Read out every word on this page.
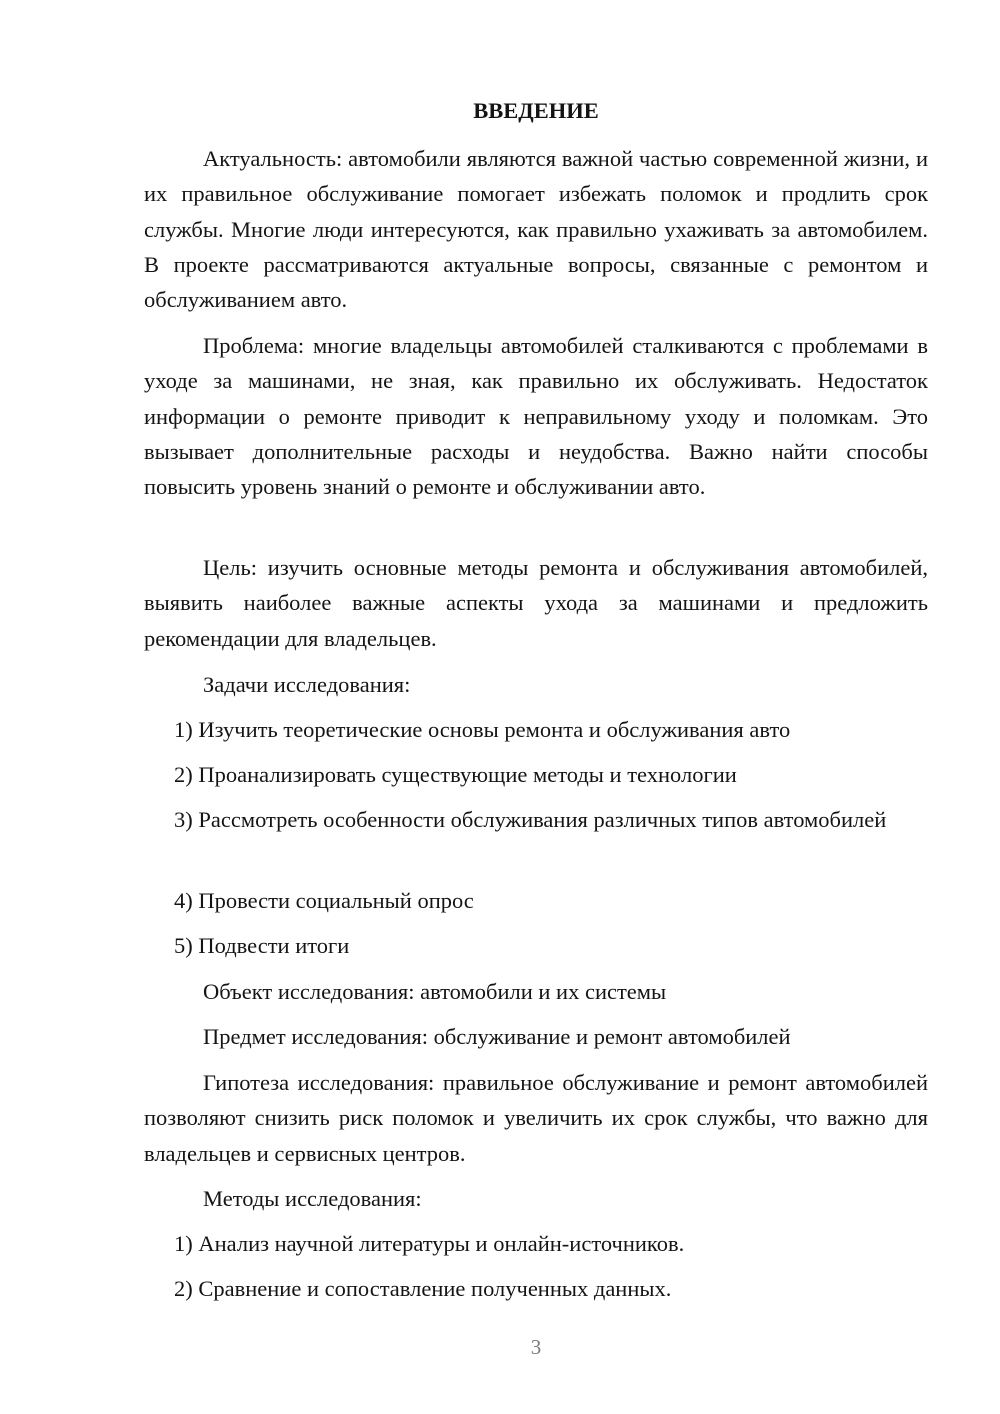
ВВЕДЕНИЕ

Актуальность: автомобили являются важной частью современной жизни, и их правильное обслуживание помогает избежать поломок и продлить срок службы. Многие люди интересуются, как правильно ухаживать за автомобилем. В проекте рассматриваются актуальные вопросы, связанные с ремонтом и обслуживанием авто.

Проблема: многие владельцы автомобилей сталкиваются с проблемами в уходе за машинами, не зная, как правильно их обслуживать. Недостаток информации о ремонте приводит к неправильному уходу и поломкам. Это вызывает дополнительные расходы и неудобства. Важно найти способы повысить уровень знаний о ремонте и обслуживании авто.

Цель: изучить основные методы ремонта и обслуживания автомобилей, выявить наиболее важные аспекты ухода за машинами и предложить рекомендации для владельцев.

Задачи исследования:

1) Изучить теоретические основы ремонта и обслуживания авто

2) Проанализировать существующие методы и технологии

3) Рассмотреть особенности обслуживания различных типов автомобилей

4) Провести социальный опрос

5) Подвести итоги

Объект исследования: автомобили и их системы

Предмет исследования: обслуживание и ремонт автомобилей

Гипотеза исследования: правильное обслуживание и ремонт автомобилей позволяют снизить риск поломок и увеличить их срок службы, что важно для владельцев и сервисных центров.

Методы исследования:

1) Анализ научной литературы и онлайн-источников.

2) Сравнение и сопоставление полученных данных.

3
